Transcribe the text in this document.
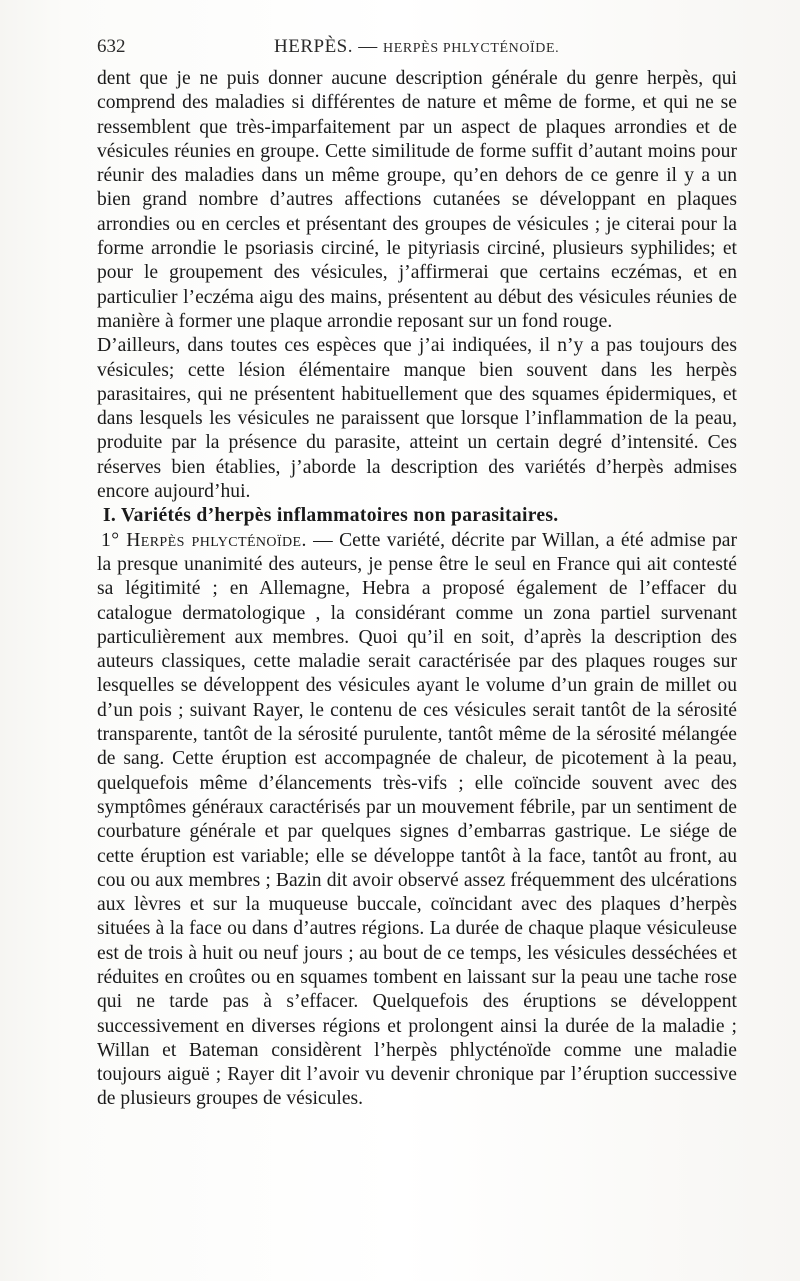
632	HERPÈS. — HERPÈS PHLYCTÉNOÏDE.

dent que je ne puis donner aucune description générale du genre herpès, qui comprend des maladies si différentes de nature et même de forme, et qui ne se ressemblent que très-imparfaitement par un aspect de plaques arrondies et de vésicules réunies en groupe. Cette similitude de forme suffit d’autant moins pour réunir des maladies dans un même groupe, qu’en dehors de ce genre il y a un bien grand nombre d’autres affections cutanées se développant en plaques arrondies ou en cercles et présentant des groupes de vésicules ; je citerai pour la forme arrondie le psoriasis circiné, le pityriasis circiné, plusieurs syphilides; et pour le groupement des vésicules, j’affirmerai que certains eczémas, et en particulier l’eczéma aigu des mains, présentent au début des vésicules réunies de manière à former une plaque arrondie reposant sur un fond rouge.

D’ailleurs, dans toutes ces espèces que j’ai indiquées, il n’y a pas toujours des vésicules; cette lésion élémentaire manque bien souvent dans les herpès parasitaires, qui ne présentent habituellement que des squames épidermiques, et dans lesquels les vésicules ne paraissent que lorsque l’inflammation de la peau, produite par la présence du parasite, atteint un certain degré d’intensité. Ces réserves bien établies, j’aborde la description des variétés d’herpès admises encore aujourd’hui.

I. Variétés d’herpès inflammatoires non parasitaires.

1° Herpès phlycténoïde. — Cette variété, décrite par Willan, a été admise par la presque unanimité des auteurs, je pense être le seul en France qui ait contesté sa légitimité ; en Allemagne, Hebra a proposé également de l’effacer du catalogue dermatologique , la considérant comme un zona partiel survenant particulièrement aux membres. Quoi qu’il en soit, d’après la description des auteurs classiques, cette maladie serait caractérisée par des plaques rouges sur lesquelles se développent des vésicules ayant le volume d’un grain de millet ou d’un pois ; suivant Rayer, le contenu de ces vésicules serait tantôt de la sérosité transparente, tantôt de la sérosité purulente, tantôt même de la sérosité mélangée de sang. Cette éruption est accompagnée de chaleur, de picotement à la peau, quelquefois même d’élancements très-vifs ; elle coïncide souvent avec des symptômes généraux caractérisés par un mouvement fébrile, par un sentiment de courbature générale et par quelques signes d’embarras gastrique. Le siége de cette éruption est variable; elle se développe tantôt à la face, tantôt au front, au cou ou aux membres ; Bazin dit avoir observé assez fréquemment des ulcérations aux lèvres et sur la muqueuse buccale, coïncidant avec des plaques d’herpès situées à la face ou dans d’autres régions. La durée de chaque plaque vésiculeuse est de trois à huit ou neuf jours ; au bout de ce temps, les vésicules desséchées et réduites en croûtes ou en squames tombent en laissant sur la peau une tache rose qui ne tarde pas à s’effacer. Quelquefois des éruptions se développent successivement en diverses régions et prolongent ainsi la durée de la maladie ; Willan et Bateman considèrent l’herpès phlycténoïde comme une maladie toujours aiguë ; Rayer dit l’avoir vu devenir chronique par l’éruption successive de plusieurs groupes de vésicules.
